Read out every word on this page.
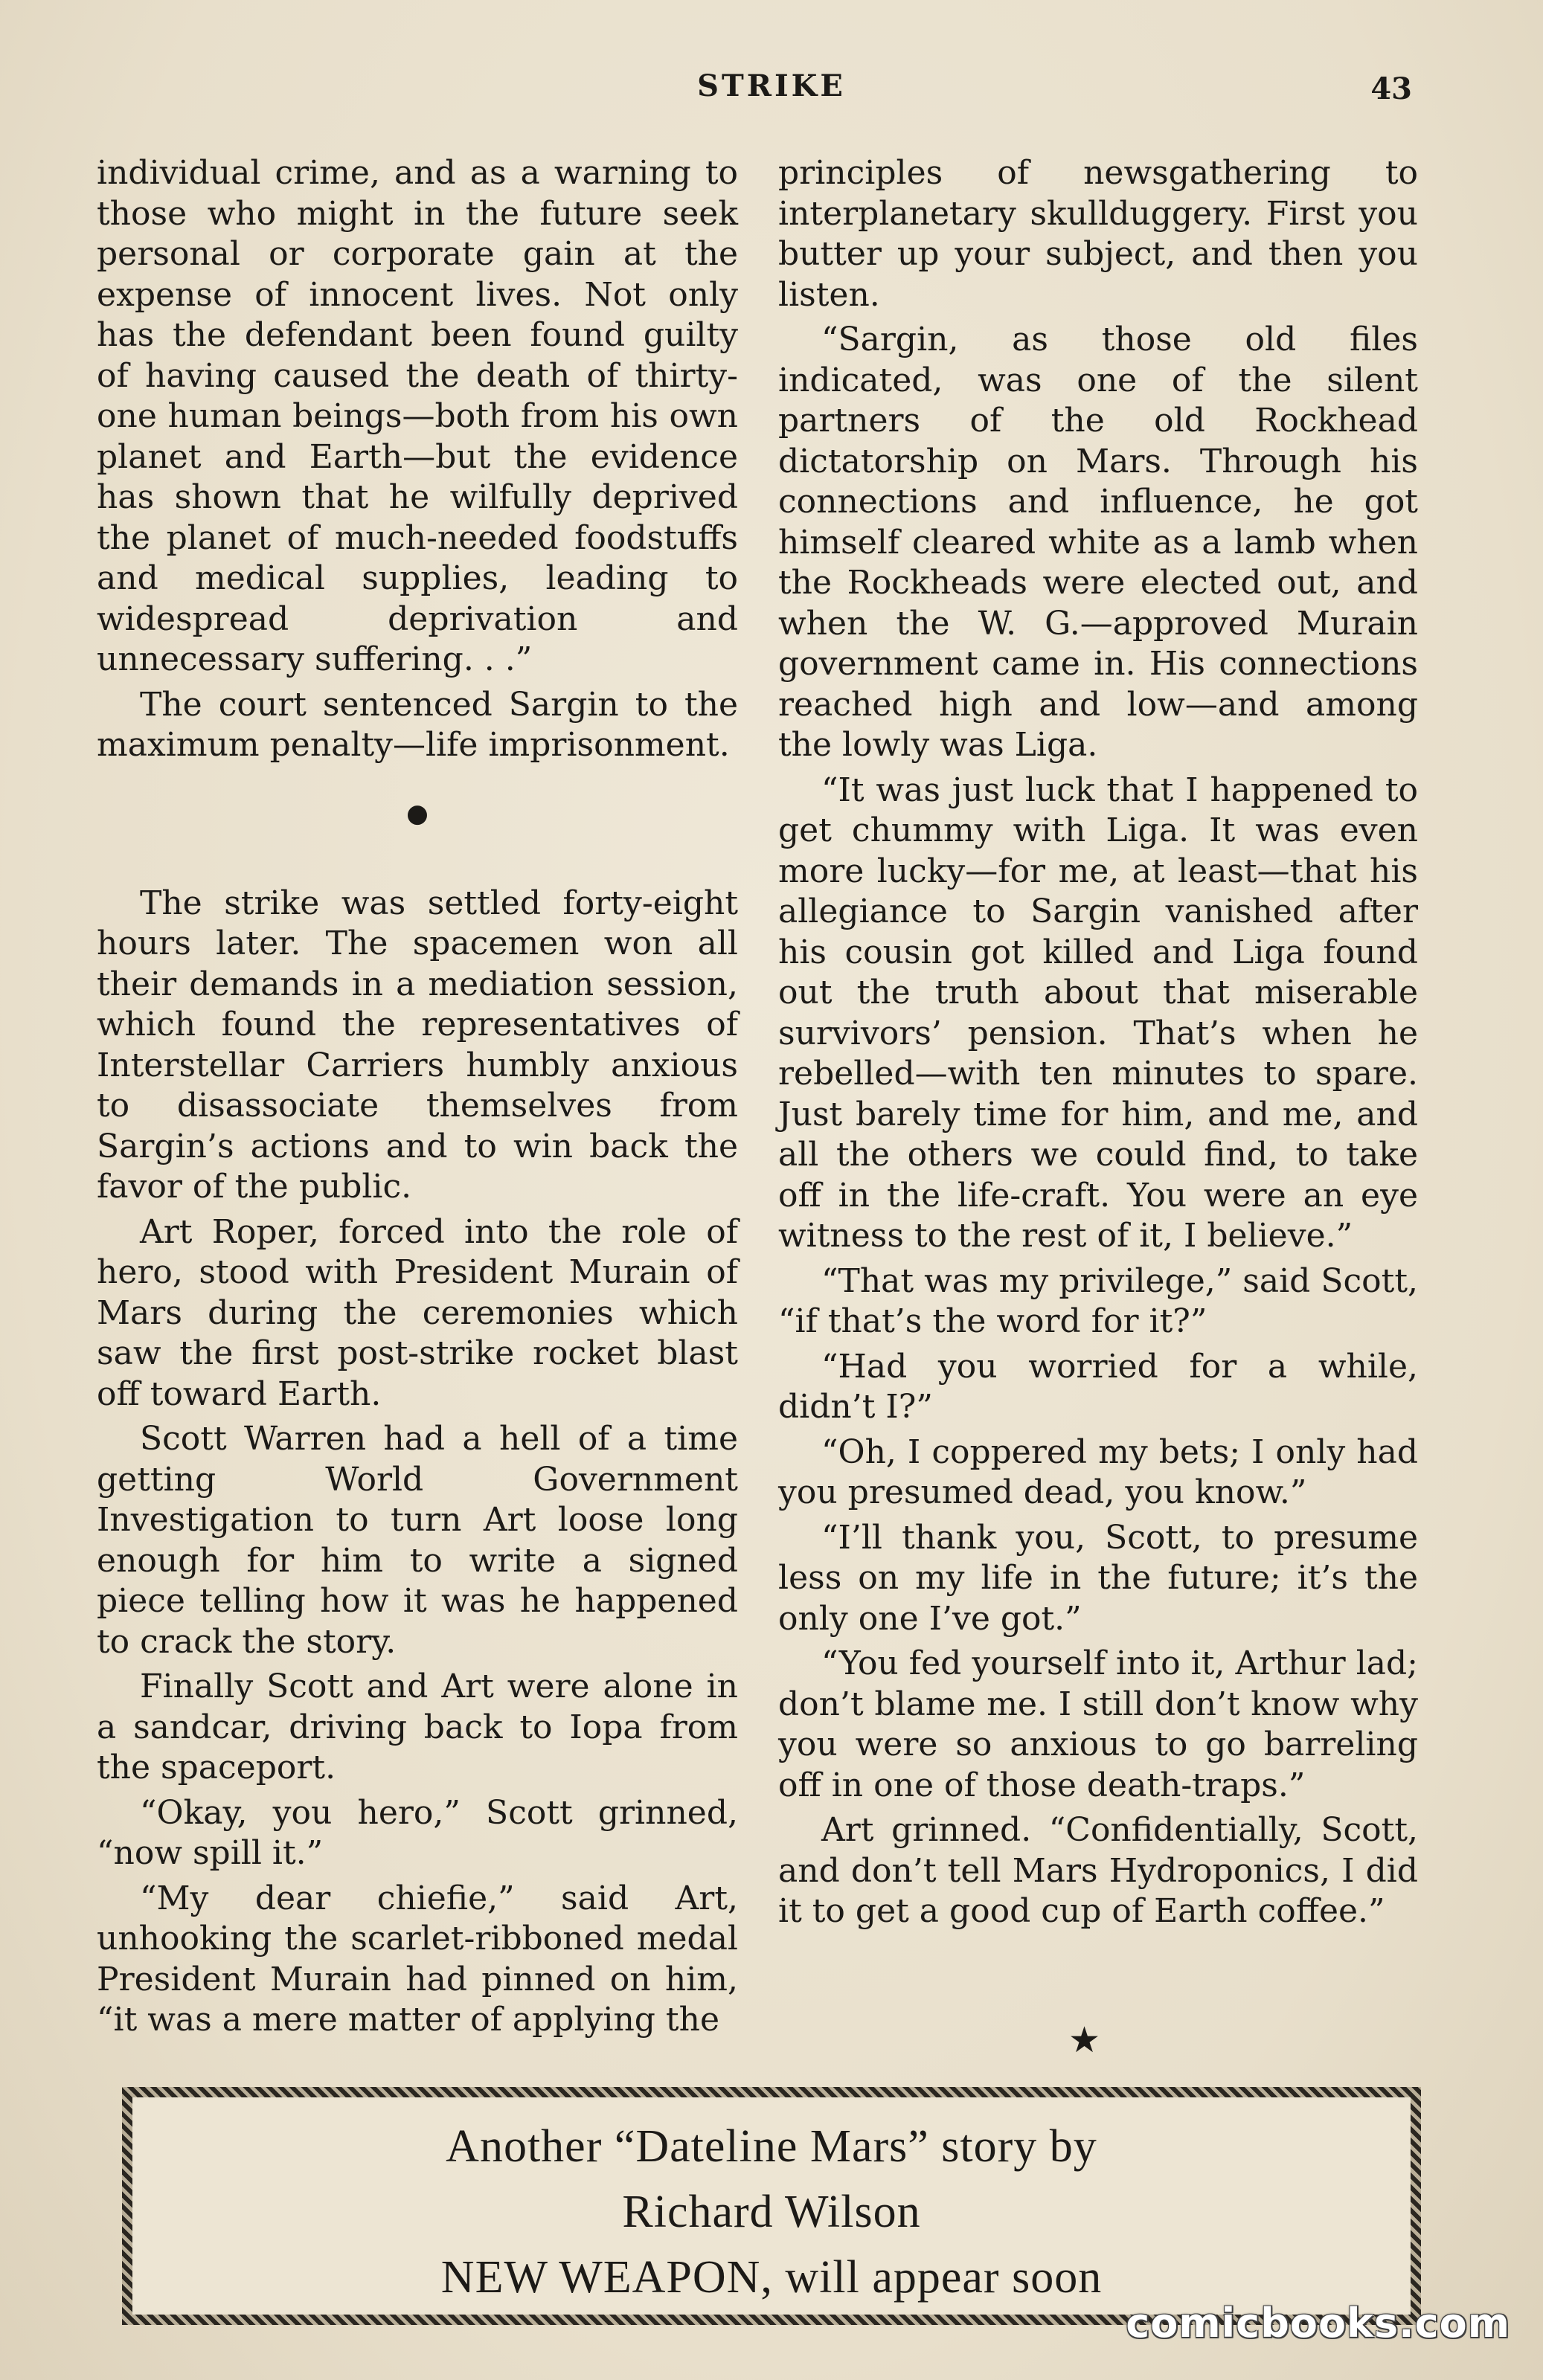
STRIKE	43

individual crime, and as a warning to those who might in the future seek personal or corporate gain at the expense of innocent lives. Not only has the defendant been found guilty of having caused the death of thirty-one human beings—both from his own planet and Earth—but the evidence has shown that he wilfully deprived the planet of much-needed foodstuffs and medical supplies, leading to widespread deprivation and unnecessary suffering. . .”

The court sentenced Sargin to the maximum penalty—life imprisonment.

●

The strike was settled forty-eight hours later. The spacemen won all their demands in a mediation session, which found the representatives of Interstellar Carriers humbly anxious to disassociate themselves from Sargin’s actions and to win back the favor of the public.

Art Roper, forced into the role of hero, stood with President Murain of Mars during the ceremonies which saw the first post-strike rocket blast off toward Earth.

Scott Warren had a hell of a time getting World Government Investigation to turn Art loose long enough for him to write a signed piece telling how it was he happened to crack the story.

Finally Scott and Art were alone in a sandcar, driving back to Iopa from the spaceport.

“Okay, you hero,” Scott grinned, “now spill it.”

“My dear chiefie,” said Art, unhooking the scarlet-ribboned medal President Murain had pinned on him, “it was a mere matter of applying the

principles of newsgathering to interplanetary skullduggery. First you butter up your subject, and then you listen.

“Sargin, as those old files indicated, was one of the silent partners of the old Rockhead dictatorship on Mars. Through his connections and influence, he got himself cleared white as a lamb when the Rockheads were elected out, and when the W. G.—approved Murain government came in. His connections reached high and low—and among the lowly was Liga.

“It was just luck that I happened to get chummy with Liga. It was even more lucky—for me, at least—that his allegiance to Sargin vanished after his cousin got killed and Liga found out the truth about that miserable survivors’ pension. That’s when he rebelled—with ten minutes to spare. Just barely time for him, and me, and all the others we could find, to take off in the life-craft. You were an eye witness to the rest of it, I believe.”

“That was my privilege,” said Scott, “if that’s the word for it?”

“Had you worried for a while, didn’t I?”

“Oh, I coppered my bets; I only had you presumed dead, you know.”

“I’ll thank you, Scott, to presume less on my life in the future; it’s the only one I’ve got.”

“You fed yourself into it, Arthur lad; don’t blame me. I still don’t know why you were so anxious to go barreling off in one of those death-traps.”

Art grinned. “Confidentially, Scott, and don’t tell Mars Hydroponics, I did it to get a good cup of Earth coffee.”

★
Another “Dateline Mars” story by
Richard Wilson
NEW WEAPON, will appear soon
comicbooks.com
